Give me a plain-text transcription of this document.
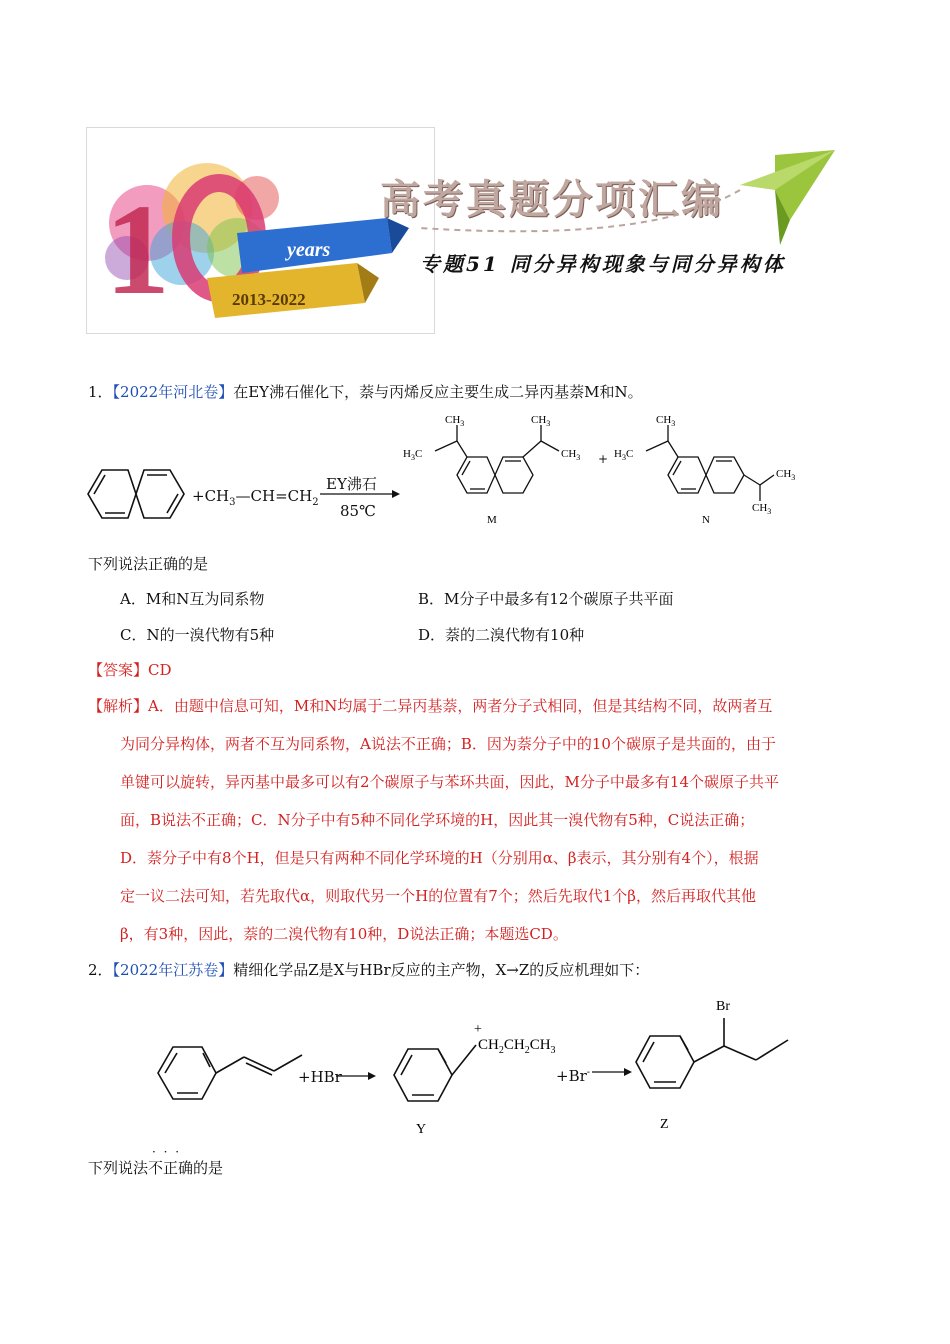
1	years
2013-2022
高考真题分项汇编
专题51 同分异构现象与同分异构体
1．【2022年河北卷】在EY沸石催化下，萘与丙烯反应主要生成二异丙基萘M和N。
$+CH_3—CH=CH_2$
EY沸石
85℃
$CH_3$
$H_3C$
$CH_3$
$CH_3$
M
+
$CH_3$
$H_3C$
$CH_3$
$CH_3$
N
下列说法正确的是
A．M和N互为同系物	B．M分子中最多有12个碳原子共平面
C．N的一溴代物有5种	D．萘的二溴代物有10种
【答案】CD
【解析】A．由题中信息可知，M和N均属于二异丙基萘，两者分子式相同，但是其结构不同，故两者互
为同分异构体，两者不互为同系物，A说法不正确；B．因为萘分子中的10个碳原子是共面的，由于
单键可以旋转，异丙基中最多可以有2个碳原子与苯环共面，因此，M分子中最多有14个碳原子共平
面，B说法不正确；C．N分子中有5种不同化学环境的H，因此其一溴代物有5种，C说法正确；
D．萘分子中有8个H，但是只有两种不同化学环境的H（分别用α、β表示，其分别有4个），根据
定一议二法可知，若先取代α，则取代另一个H的位置有7个；然后先取代1个β，然后再取代其他
β，有3种，因此，萘的二溴代物有10种，D说法正确；本题选CD。
2．【2022年江苏卷】精细化学品Z是X与HBr反应的主产物，X→Z的反应机理如下：
+HBr
+
$CH_2CH_2CH_3$
Y
+Br-
Br
Z
· · ·
下列说法不正确的是
